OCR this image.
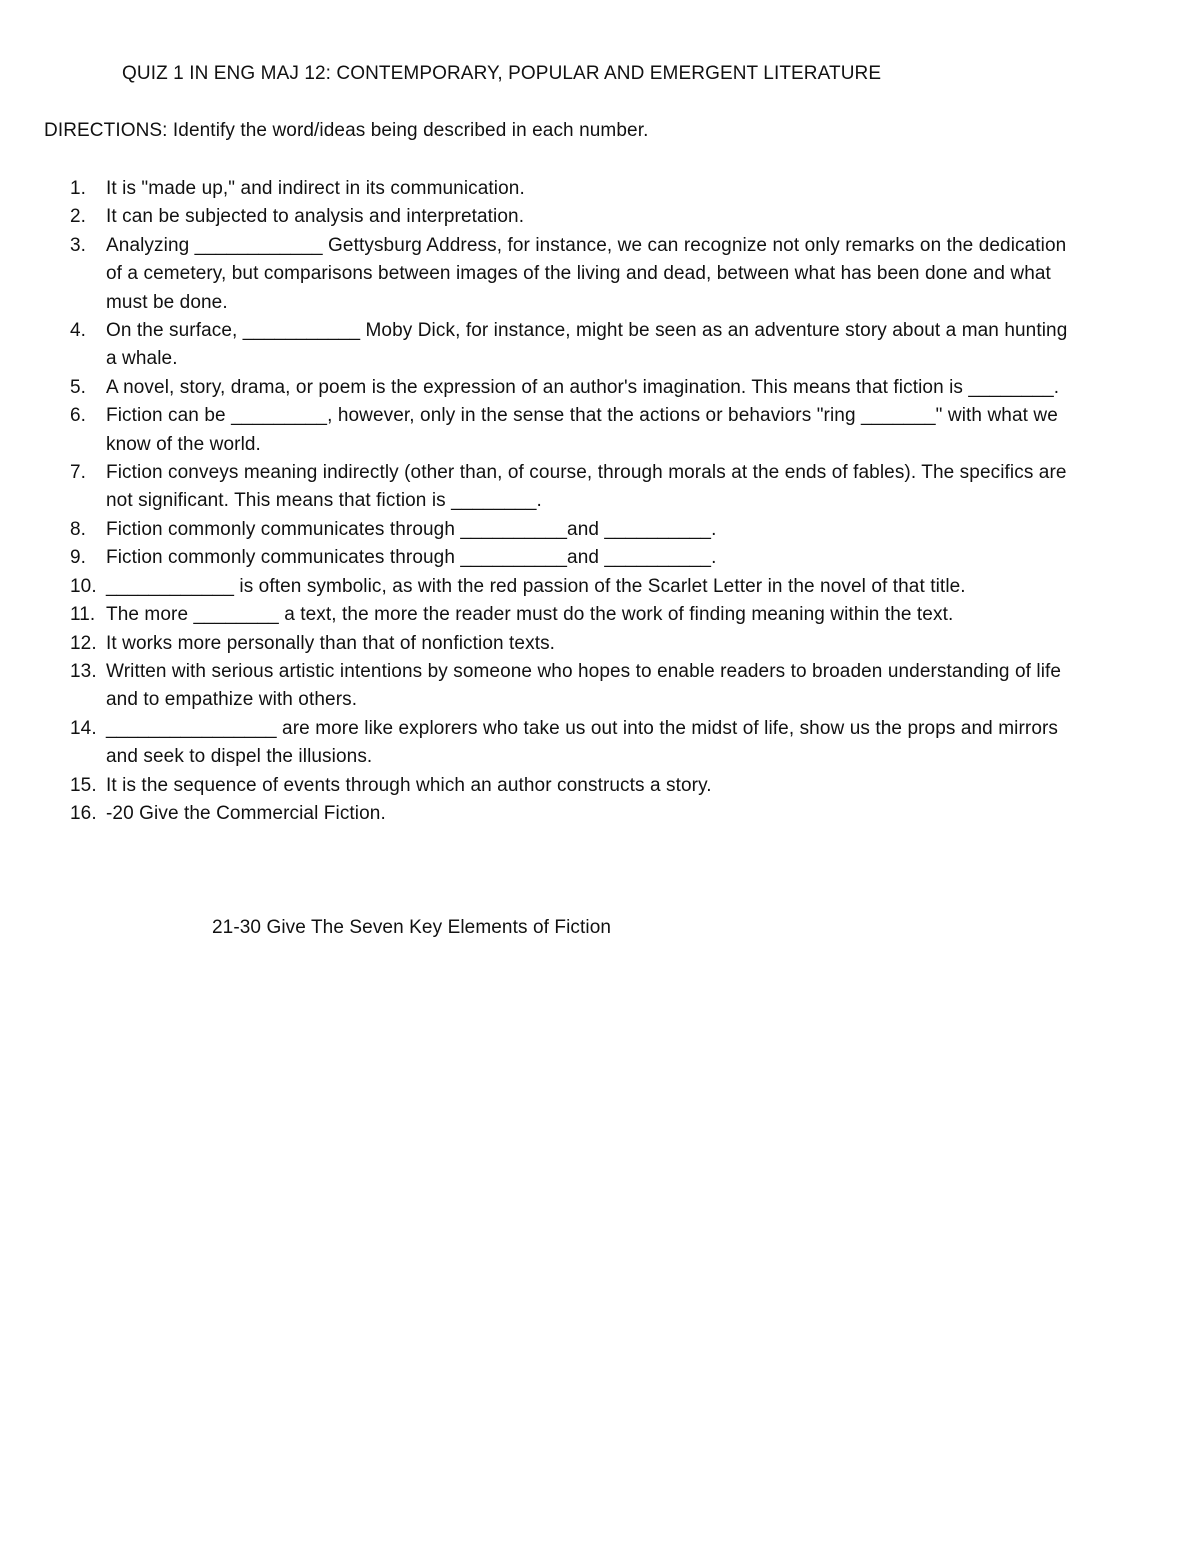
QUIZ 1 IN ENG MAJ 12: CONTEMPORARY, POPULAR AND EMERGENT LITERATURE
DIRECTIONS: Identify the word/ideas being described in each number.
1. It is "made up," and indirect in its communication.
2. It can be subjected to analysis and interpretation.
3. Analyzing ____________ Gettysburg Address, for instance, we can recognize not only remarks on the dedication of a cemetery, but comparisons between images of the living and dead, between what has been done and what must be done.
4. On the surface, ___________ Moby Dick, for instance, might be seen as an adventure story about a man hunting a whale.
5. A novel, story, drama, or poem is the expression of an author's imagination. This means that fiction is ________.
6. Fiction can be _________, however, only in the sense that the actions or behaviors "ring _______" with what we know of the world.
7. Fiction conveys meaning indirectly (other than, of course, through morals at the ends of fables). The specifics are not significant. This means that fiction is ________.
8. Fiction commonly communicates through __________and __________.
9. Fiction commonly communicates through __________and __________.
10. ____________ is often symbolic, as with the red passion of the Scarlet Letter in the novel of that title.
11. The more ________ a text, the more the reader must do the work of finding meaning within the text.
12. It works more personally than that of nonfiction texts.
13. Written with serious artistic intentions by someone who hopes to enable readers to broaden understanding of life and to empathize with others.
14. ________________ are more like explorers who take us out into the midst of life, show us the props and mirrors and seek to dispel the illusions.
15. It is the sequence of events through which an author constructs a story.
16. -20 Give the Commercial Fiction.
21-30 Give The Seven Key Elements of Fiction
